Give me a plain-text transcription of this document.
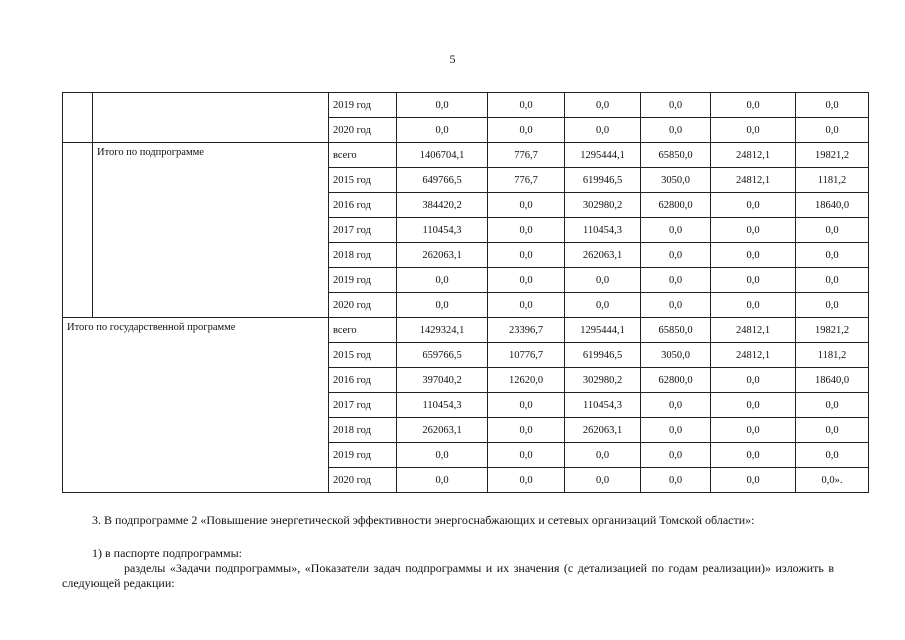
5
		2019 год	0,0	0,0	0,0	0,0	0,0	0,0
		2020 год	0,0	0,0	0,0	0,0	0,0	0,0
	Итого по подпрограмме	всего	1406704,1	776,7	1295444,1	65850,0	24812,1	19821,2
		2015 год	649766,5	776,7	619946,5	3050,0	24812,1	1181,2
		2016 год	384420,2	0,0	302980,2	62800,0	0,0	18640,0
		2017 год	110454,3	0,0	110454,3	0,0	0,0	0,0
		2018 год	262063,1	0,0	262063,1	0,0	0,0	0,0
		2019 год	0,0	0,0	0,0	0,0	0,0	0,0
		2020 год	0,0	0,0	0,0	0,0	0,0	0,0
Итого по государственной программе		всего	1429324,1	23396,7	1295444,1	65850,0	24812,1	19821,2
		2015 год	659766,5	10776,7	619946,5	3050,0	24812,1	1181,2
		2016 год	397040,2	12620,0	302980,2	62800,0	0,0	18640,0
		2017 год	110454,3	0,0	110454,3	0,0	0,0	0,0
		2018 год	262063,1	0,0	262063,1	0,0	0,0	0,0
		2019 год	0,0	0,0	0,0	0,0	0,0	0,0
		2020 год	0,0	0,0	0,0	0,0	0,0	0,0».

3. В подпрограмме 2 «Повышение энергетической эффективности энергоснабжающих и сетевых организаций Томской области»:

1) в паспорте подпрограммы:

разделы «Задачи подпрограммы», «Показатели задач подпрограммы и их значения (с детализацией по годам реализации)» изложить в следующей редакции:
